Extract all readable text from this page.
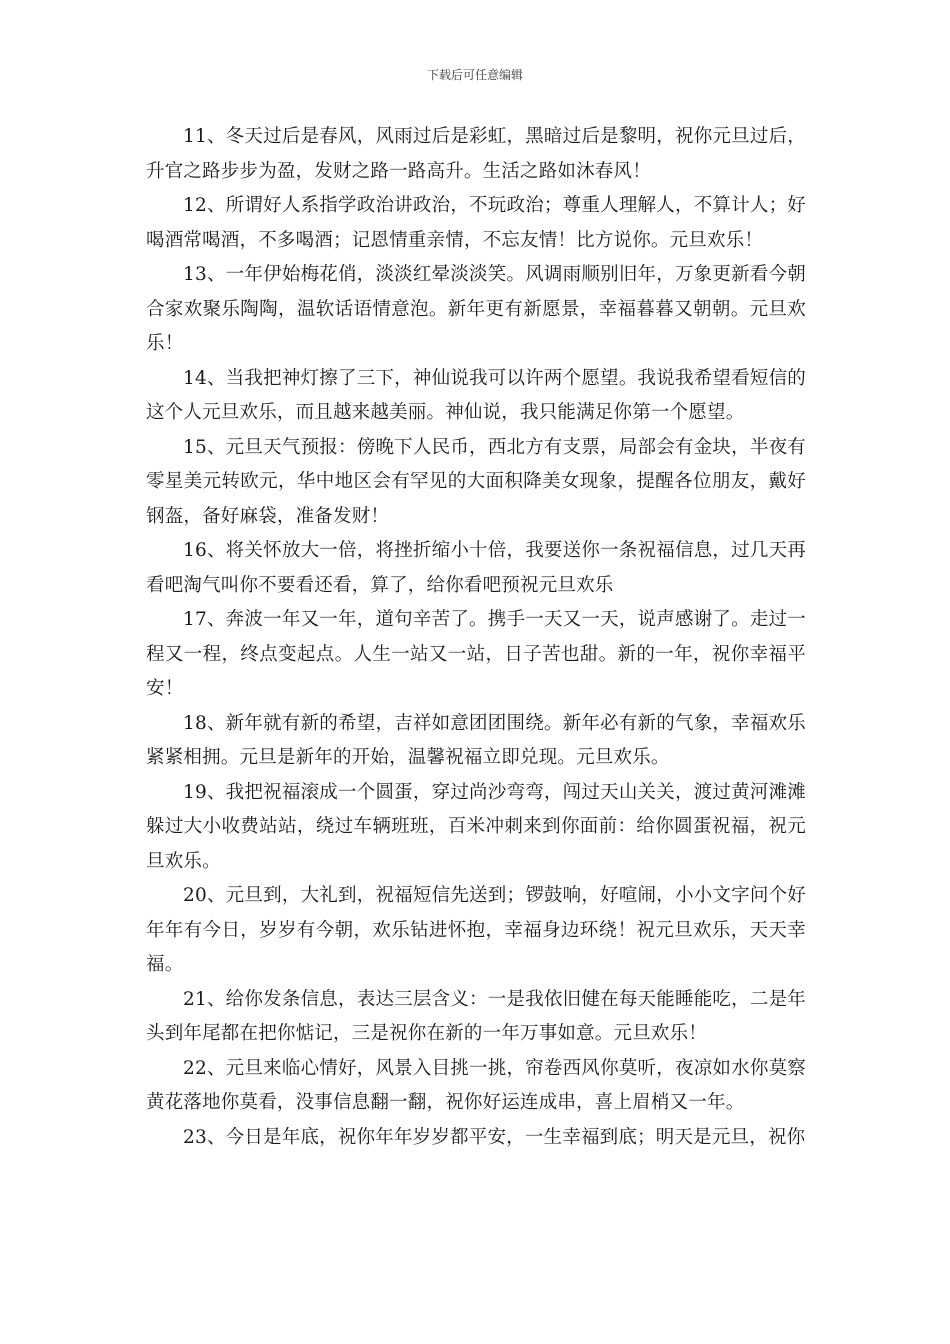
下载后可任意编辑

11、冬天过后是春风，风雨过后是彩虹，黑暗过后是黎明，祝你元旦过后，升官之路步步为盈，发财之路一路高升。生活之路如沐春风！

12、所谓好人系指学政治讲政治，不玩政治；尊重人理解人，不算计人；好喝酒常喝酒，不多喝酒；记恩情重亲情，不忘友情！比方说你。元旦欢乐！

13、一年伊始梅花俏，淡淡红晕淡淡笑。风调雨顺别旧年，万象更新看今朝合家欢聚乐陶陶，温软话语情意泡。新年更有新愿景，幸福暮暮又朝朝。元旦欢乐！

14、当我把神灯擦了三下，神仙说我可以许两个愿望。我说我希望看短信的这个人元旦欢乐，而且越来越美丽。神仙说，我只能满足你第一个愿望。

15、元旦天气预报：傍晚下人民币，西北方有支票，局部会有金块，半夜有零星美元转欧元，华中地区会有罕见的大面积降美女现象，提醒各位朋友，戴好钢盔，备好麻袋，准备发财！

16、将关怀放大一倍，将挫折缩小十倍，我要送你一条祝福信息，过几天再看吧淘气叫你不要看还看，算了，给你看吧预祝元旦欢乐

17、奔波一年又一年，道句辛苦了。携手一天又一天，说声感谢了。走过一程又一程，终点变起点。人生一站又一站，日子苦也甜。新的一年，祝你幸福平安！

18、新年就有新的希望，吉祥如意团团围绕。新年必有新的气象，幸福欢乐紧紧相拥。元旦是新年的开始，温馨祝福立即兑现。元旦欢乐。

19、我把祝福滚成一个圆蛋，穿过尚沙弯弯，闯过天山关关，渡过黄河滩滩躲过大小收费站站，绕过车辆班班，百米冲刺来到你面前：给你圆蛋祝福，祝元旦欢乐。

20、元旦到，大礼到，祝福短信先送到；锣鼓响，好喧闹，小小文字问个好年年有今日，岁岁有今朝，欢乐钻进怀抱，幸福身边环绕！祝元旦欢乐，天天幸福。

21、给你发条信息，表达三层含义：一是我依旧健在每天能睡能吃，二是年头到年尾都在把你惦记，三是祝你在新的一年万事如意。元旦欢乐！

22、元旦来临心情好，风景入目挑一挑，帘卷西风你莫听，夜凉如水你莫察黄花落地你莫看，没事信息翻一翻，祝你好运连成串，喜上眉梢又一年。

23、今日是年底，祝你年年岁岁都平安，一生幸福到底；明天是元旦，祝你
